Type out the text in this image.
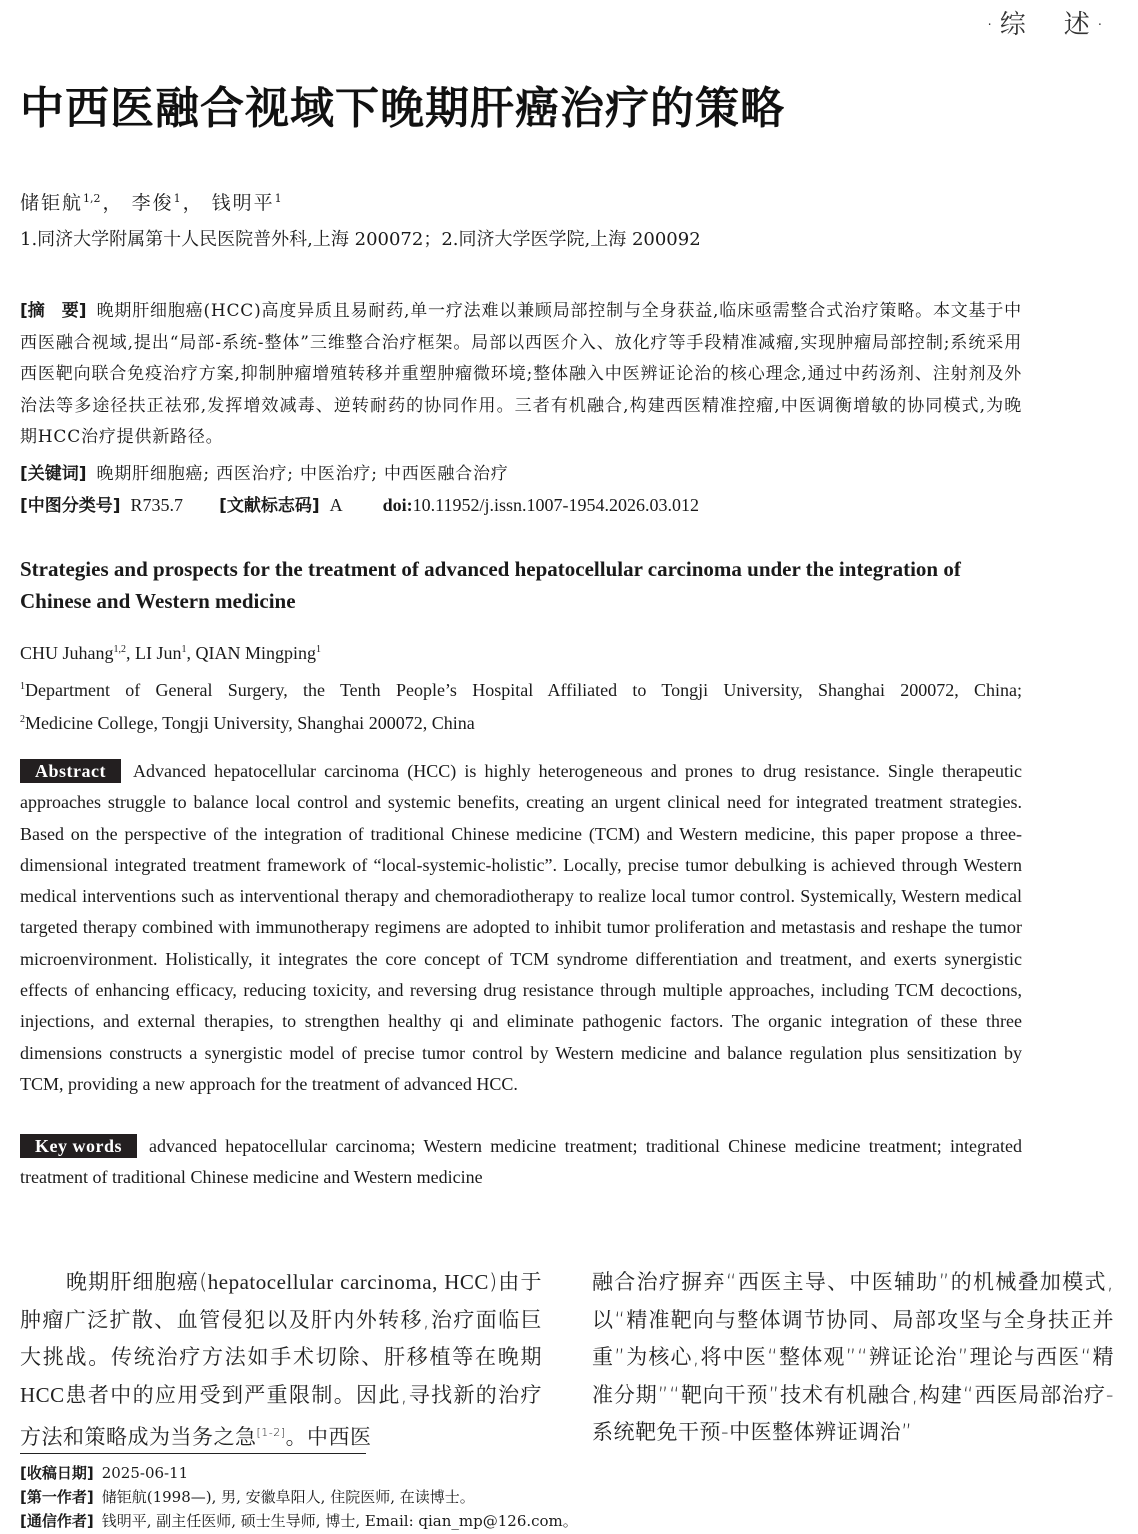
·综　述·
中西医融合视域下晚期肝癌治疗的策略
储钜航$^{1,2}$ ， 李俊$^1$ ， 钱明平$^1$
1.同济大学附属第十人民医院普外科,上海 200072；2.同济大学医学院,上海 200092
[摘　要] 晚期肝细胞癌(HCC)高度异质且易耐药,单一疗法难以兼顾局部控制与全身获益,临床亟需整合式治疗策略。本文基于中西医融合视域,提出“局部-系统-整体”三维整合治疗框架。局部以西医介入、放化疗等手段精准减瘤,实现肿瘤局部控制;系统采用西医靶向联合免疫治疗方案,抑制肿瘤增殖转移并重塑肿瘤微环境;整体融入中医辨证论治的核心理念,通过中药汤剂、注射剂及外治法等多途径扶正祛邪,发挥增效减毒、逆转耐药的协同作用。三者有机融合,构建西医精准控瘤,中医调衡增敏的协同模式,为晚期HCC治疗提供新路径。
[关键词] 晚期肝细胞癌; 西医治疗; 中医治疗; 中西医融合治疗
[中图分类号] R735.7 [文献标志码] A doi:10.11952/j.issn.1007-1954.2026.03.012
Strategies and prospects for the treatment of advanced hepatocellular carcinoma under the integration of Chinese and Western medicine
CHU Juhang$^{1,2}$, LI Jun$^1$, QIAN Mingping$^1$
$^1$Department of General Surgery, the Tenth People’s Hospital Affiliated to Tongji University, Shanghai 200072, China;
$^2$Medicine College, Tongji University, Shanghai 200072, China
Abstract Advanced hepatocellular carcinoma (HCC) is highly heterogeneous and prones to drug resistance. Single therapeutic approaches struggle to balance local control and systemic benefits, creating an urgent clinical need for integrated treatment strategies. Based on the perspective of the integration of traditional Chinese medicine (TCM) and Western medicine, this paper propose a three-dimensional integrated treatment framework of “local-systemic-holistic”. Locally, precise tumor debulking is achieved through Western medical interventions such as interventional therapy and chemoradiotherapy to realize local tumor control. Systemically, Western medical targeted therapy combined with immunotherapy regimens are adopted to inhibit tumor proliferation and metastasis and reshape the tumor microenvironment. Holistically, it integrates the core concept of TCM syndrome differentiation and treatment, and exerts synergistic effects of enhancing efficacy, reducing toxicity, and reversing drug resistance through multiple approaches, including TCM decoctions, injections, and external therapies, to strengthen healthy qi and eliminate pathogenic factors. The organic integration of these three dimensions constructs a synergistic model of precise tumor control by Western medicine and balance regulation plus sensitization by TCM, providing a new approach for the treatment of advanced HCC.
Key words advanced hepatocellular carcinoma; Western medicine treatment; traditional Chinese medicine treatment; integrated treatment of traditional Chinese medicine and Western medicine
晚期肝细胞癌(hepatocellular carcinoma, HCC)由于肿瘤广泛扩散、血管侵犯以及肝内外转移,治疗面临巨大挑战。传统治疗方法如手术切除、肝移植等在晚期HCC患者中的应用受到严重限制。因此,寻找新的治疗方法和策略成为当务之急[1-2]。中西医
融合治疗摒弃“西医主导、中医辅助”的机械叠加模式,以“精准靶向与整体调节协同、局部攻坚与全身扶正并重”为核心,将中医“整体观”“辨证论治”理论与西医“精准分期”“靶向干预”技术有机融合,构建“西医局部治疗-系统靶免干预-中医整体辨证调治”
[收稿日期] 2025-06-11
[第一作者] 储钜航(1998—), 男, 安徽阜阳人, 住院医师, 在读博士。
[通信作者] 钱明平, 副主任医师, 硕士生导师, 博士, Email: qian_mp@126.com。
